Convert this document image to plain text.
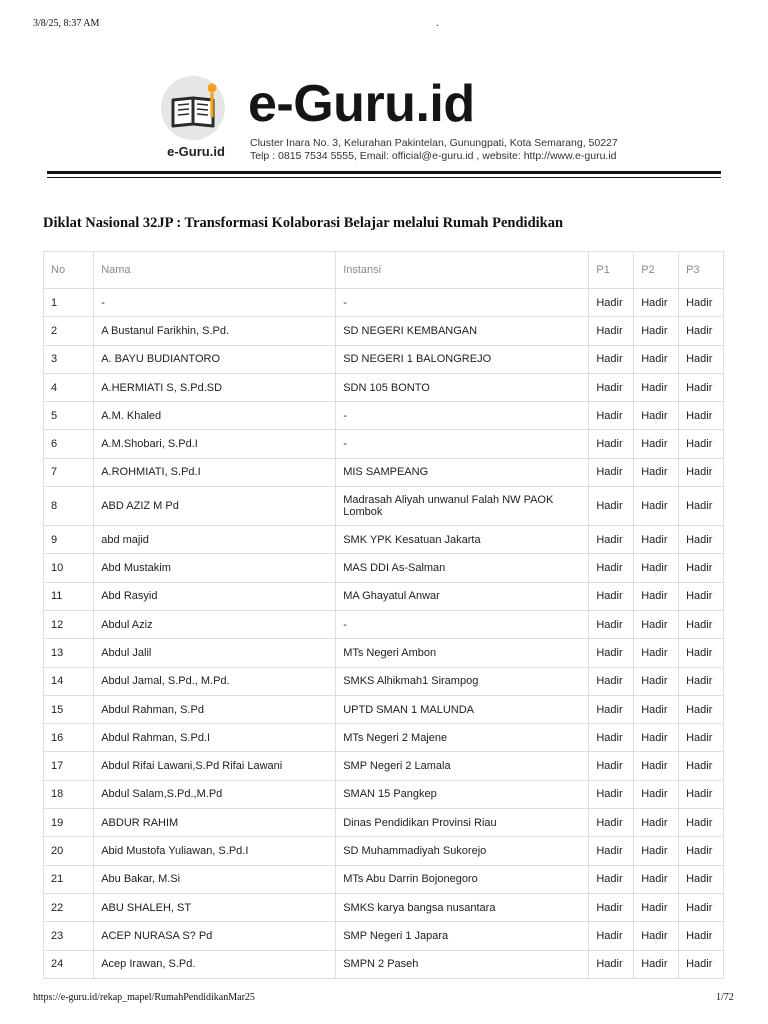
3/8/25, 8:37 AM	.
e-Guru.id
e-Guru.id
Cluster Inara No. 3, Kelurahan Pakintelan, Gunungpati, Kota Semarang, 50227
Telp : 0815 7534 5555, Email: official@e-guru.id , website: http://www.e-guru.id
Diklat Nasional 32JP : Transformasi Kolaborasi Belajar melalui Rumah Pendidikan
No	Nama	Instansi	P1	P2	P3
1	-	-	Hadir	Hadir	Hadir
2	A Bustanul Farikhin, S.Pd.	SD NEGERI KEMBANGAN	Hadir	Hadir	Hadir
3	A. BAYU BUDIANTORO	SD NEGERI 1 BALONGREJO	Hadir	Hadir	Hadir
4	A.HERMIATI S, S.Pd.SD	SDN 105 BONTO	Hadir	Hadir	Hadir
5	A.M. Khaled	-	Hadir	Hadir	Hadir
6	A.M.Shobari, S.Pd.I	-	Hadir	Hadir	Hadir
7	A.ROHMIATI, S.Pd.I	MIS SAMPEANG	Hadir	Hadir	Hadir
8	ABD AZIZ M Pd	Madrasah Aliyah unwanul Falah NW PAOK Lombok	Hadir	Hadir	Hadir
9	abd majid	SMK YPK Kesatuan Jakarta	Hadir	Hadir	Hadir
10	Abd Mustakim	MAS DDI As-Salman	Hadir	Hadir	Hadir
11	Abd Rasyid	MA Ghayatul Anwar	Hadir	Hadir	Hadir
12	Abdul Aziz	-	Hadir	Hadir	Hadir
13	Abdul Jalil	MTs Negeri Ambon	Hadir	Hadir	Hadir
14	Abdul Jamal, S.Pd., M.Pd.	SMKS Alhikmah1 Sirampog	Hadir	Hadir	Hadir
15	Abdul Rahman, S.Pd	UPTD SMAN 1 MALUNDA	Hadir	Hadir	Hadir
16	Abdul Rahman, S.Pd.I	MTs Negeri 2 Majene	Hadir	Hadir	Hadir
17	Abdul Rifai Lawani,S.Pd Rifai Lawani	SMP Negeri 2 Lamala	Hadir	Hadir	Hadir
18	Abdul Salam,S.Pd.,M.Pd	SMAN 15 Pangkep	Hadir	Hadir	Hadir
19	ABDUR RAHIM	Dinas Pendidikan Provinsi Riau	Hadir	Hadir	Hadir
20	Abid Mustofa Yuliawan, S.Pd.I	SD Muhammadiyah Sukorejo	Hadir	Hadir	Hadir
21	Abu Bakar, M.Si	MTs Abu Darrin Bojonegoro	Hadir	Hadir	Hadir
22	ABU SHALEH, ST	SMKS karya bangsa nusantara	Hadir	Hadir	Hadir
23	ACEP NURASA S? Pd	SMP Negeri 1 Japara	Hadir	Hadir	Hadir
24	Acep Irawan, S.Pd.	SMPN 2 Paseh	Hadir	Hadir	Hadir
https://e-guru.id/rekap_mapel/RumahPendidikanMar25	1/72
